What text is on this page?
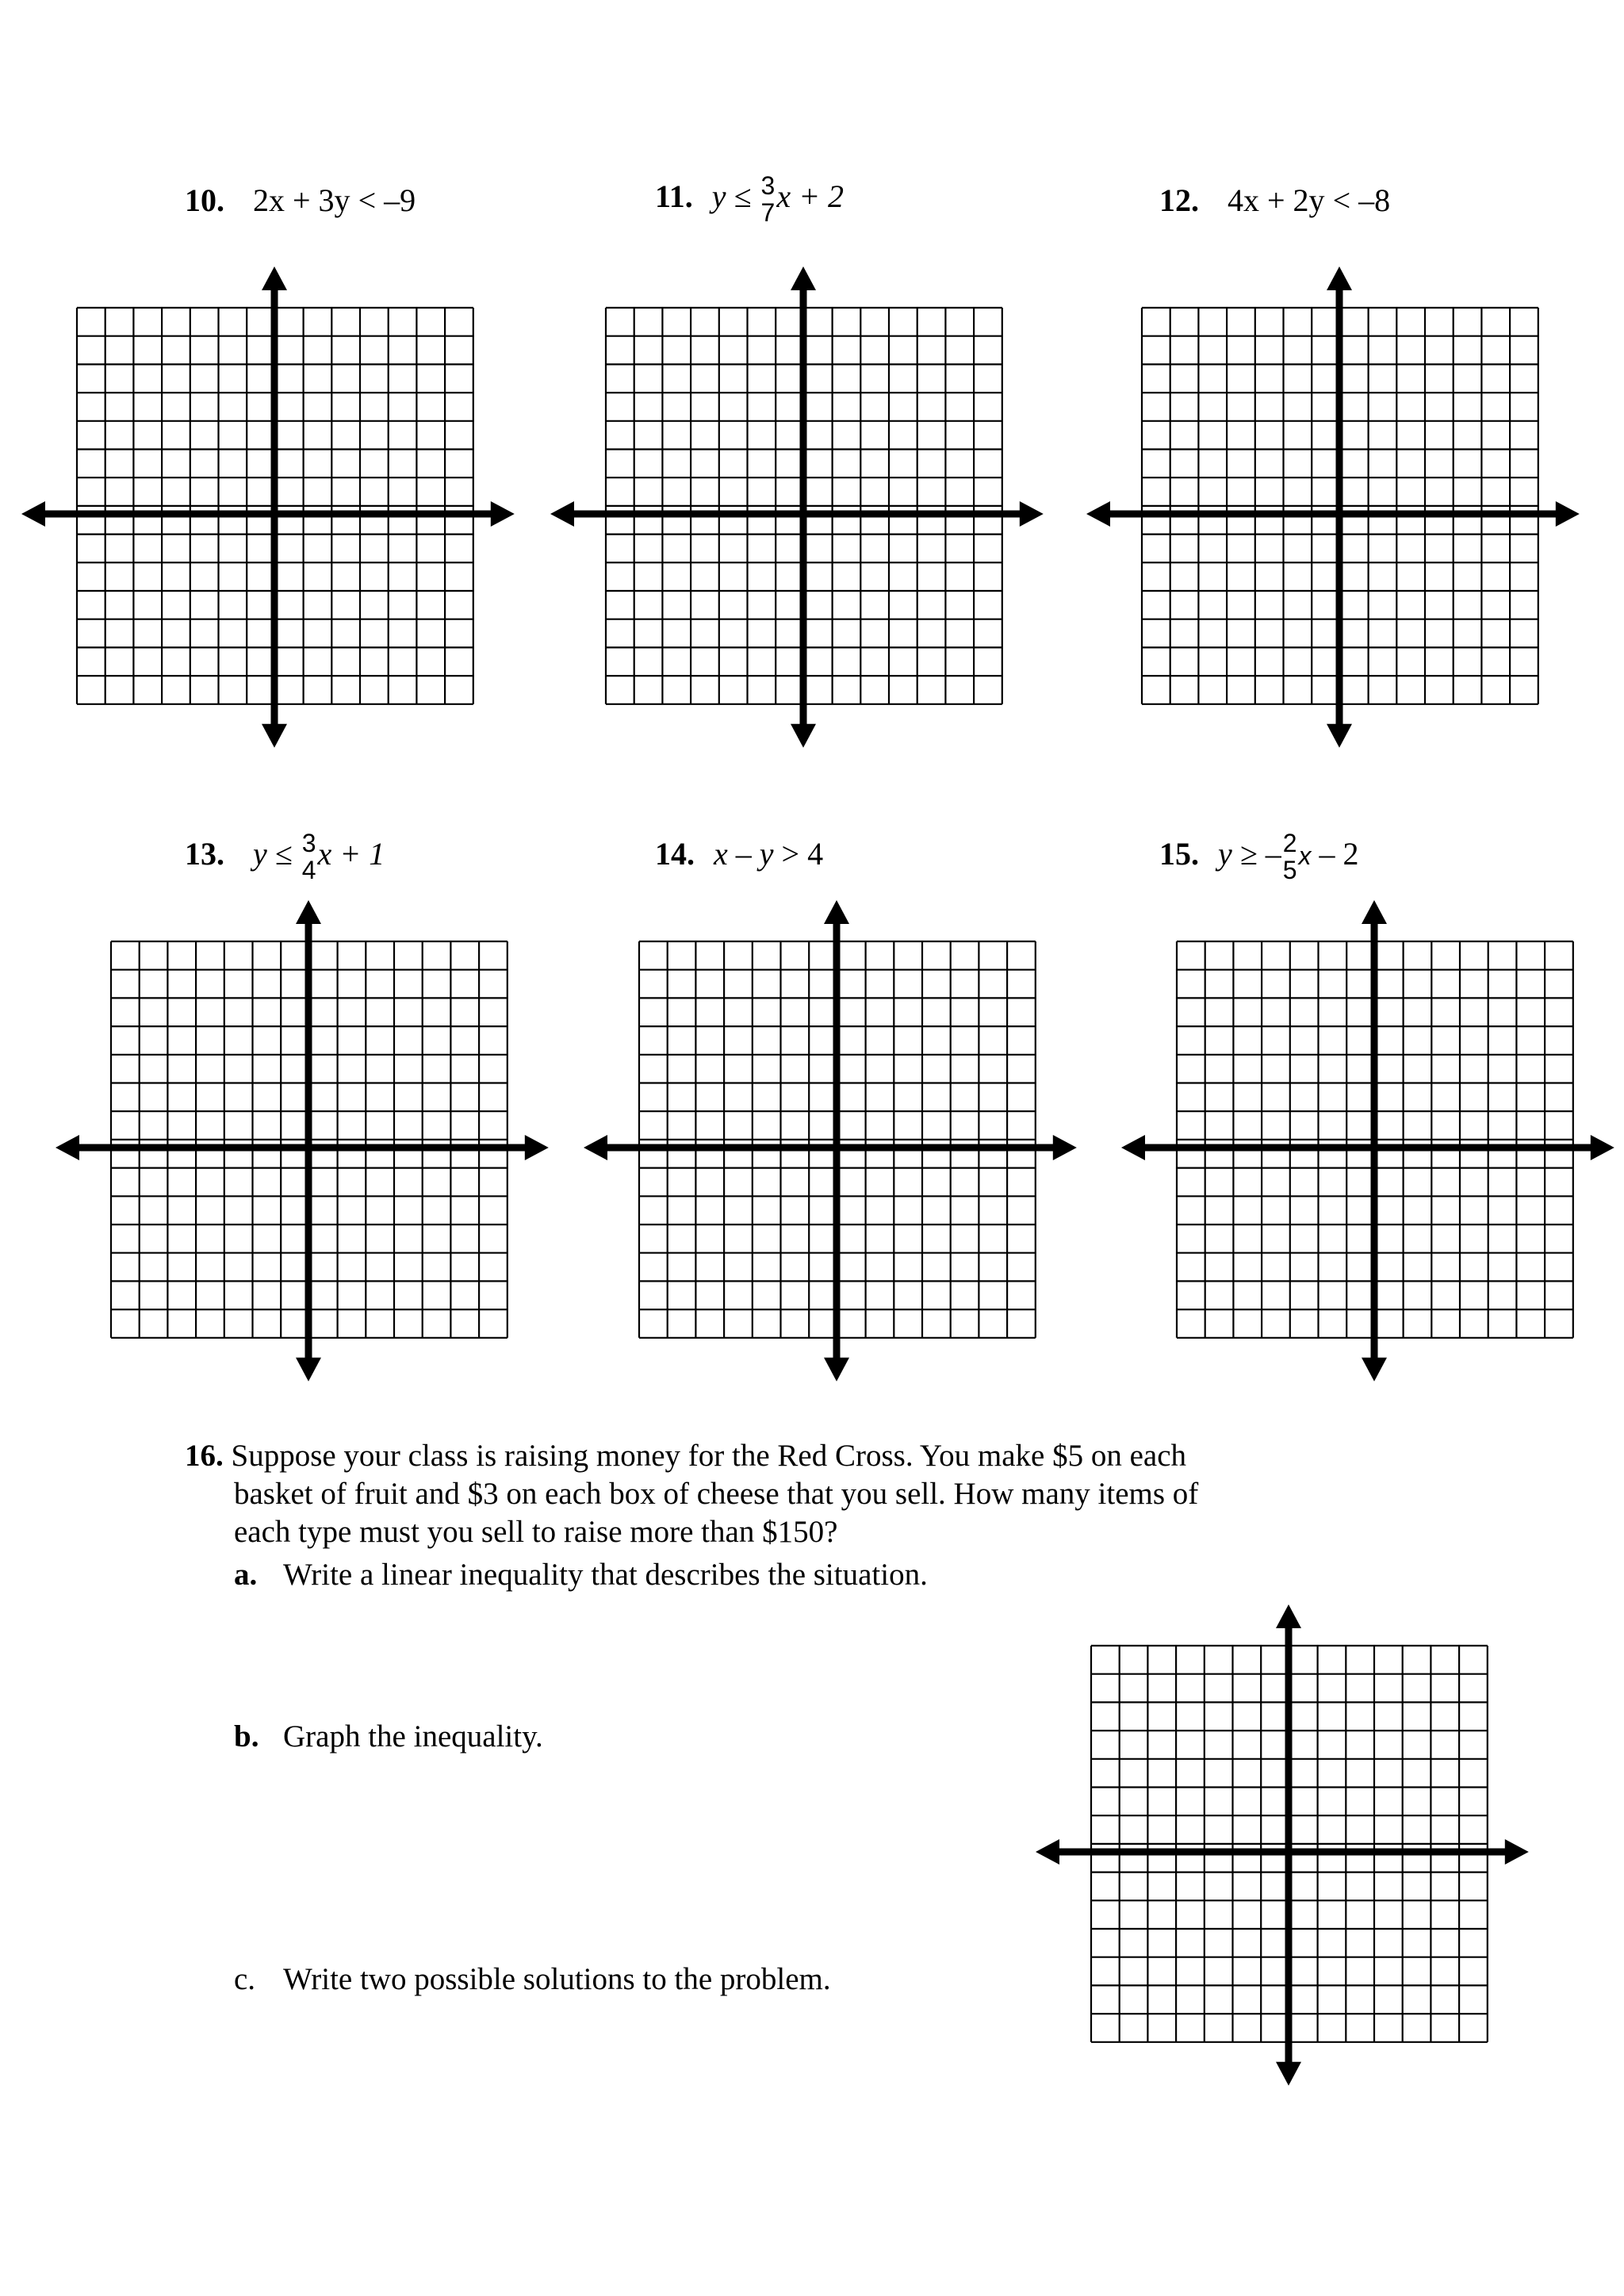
10. 2x + 3y < –9	11. y ≤ 3
7 x + 2	12. 4x + 2y < –8
13. y ≤ 3
4 x + 1	14. x – y > 4	15. y ≥ – 2
5 x – 2
16. Suppose your class is raising money for the Red Cross. You make $5 on each
basket of fruit and $3 on each box of cheese that you sell. How many items of
each type must you sell to raise more than $150?
a. Write a linear inequality that describes the situation.
b. Graph the inequality.
c. Write two possible solutions to the problem.
